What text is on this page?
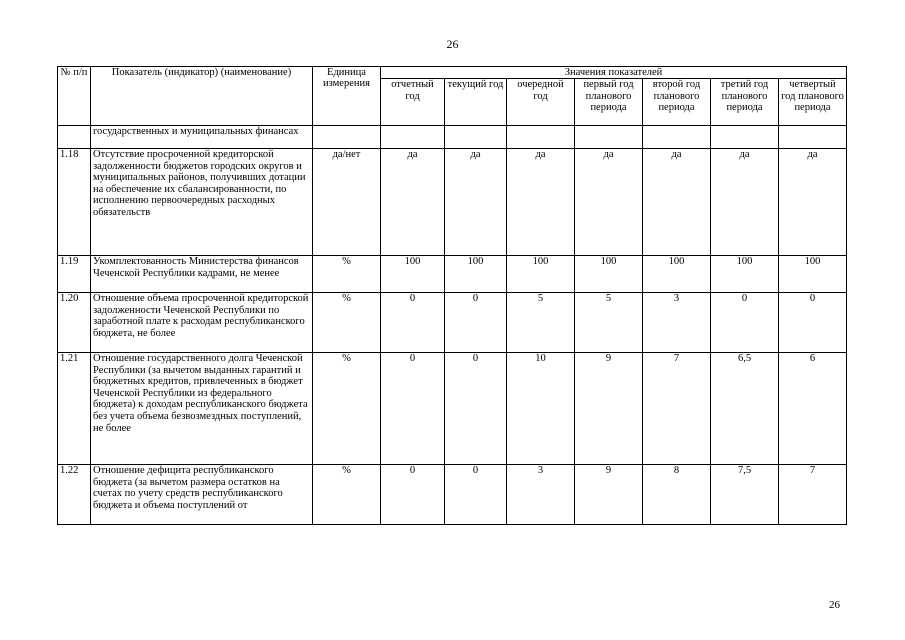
26
№ п/п	Показатель (индикатор) (наименование)	Единица измерения	Значения показателей						
			отчетный год	текущий год	очередной год	первый год планового периода	второй год планового периода	третий год планового периода	четвертый год планового периода
	государственных и муниципальных финансах								
1.18	Отсутствие просроченной кредиторской задолженности бюджетов городских округов и муниципальных районов, получивших дотации на обеспечение их сбалансированности, по исполнению первоочередных расходных обязательств	да/нет	да	да	да	да	да	да	да
1.19	Укомплектованность Министерства финансов Чеченской Республики кадрами, не менее	%	100	100	100	100	100	100	100
1.20	Отношение объема просроченной кредиторской задолженности Чеченской Республики по заработной плате к расходам республиканского бюджета, не более	%	0	0	5	5	3	0	0
1.21	Отношение государственного долга Чеченской Республики (за вычетом выданных гарантий и бюджетных кредитов, привлеченных в бюджет Чеченской Республики из федерального бюджета) к доходам республиканского бюджета без учета объема безвозмездных поступлений, не более	%	0	0	10	9	7	6,5	6
1.22	Отношение дефицита республиканского бюджета (за вычетом размера остатков на счетах по учету средств республиканского бюджета и объема поступлений от	%	0	0	3	9	8	7,5	7
26
